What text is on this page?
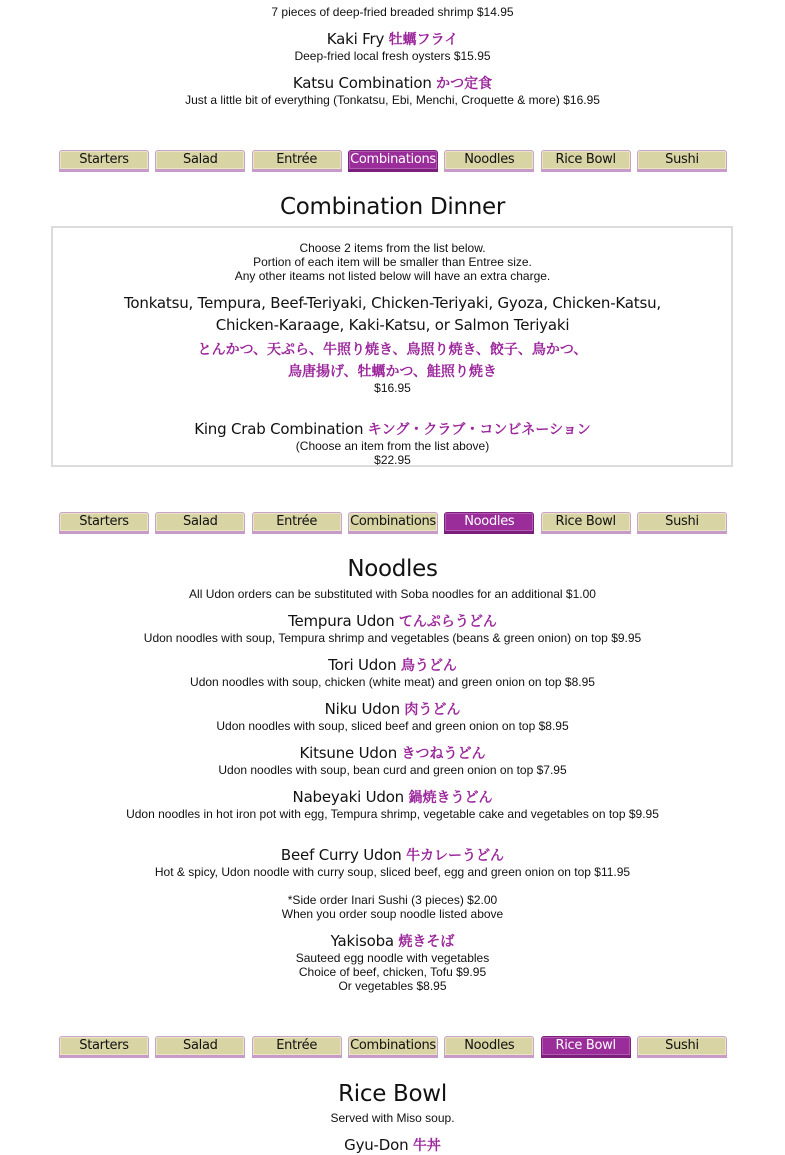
7 pieces of deep-fried breaded shrimp $14.95
Kaki Fry 牡蠣フライ
Deep-fried local fresh oysters $15.95
Katsu Combination かつ定食
Just a little bit of everything (Tonkatsu, Ebi, Menchi, Croquette & more) $16.95
Starters	Salad	Entrée	Combinations	Noodles	Rice Bowl	Sushi
Combination Dinner
Choose 2 items from the list below.
Portion of each item will be smaller than Entree size.
Any other iteams not listed below will have an extra charge.
Tonkatsu, Tempura, Beef-Teriyaki, Chicken-Teriyaki, Gyoza, Chicken-Katsu,
Chicken-Karaage, Kaki-Katsu, or Salmon Teriyaki
とんかつ、天ぷら、牛照り焼き、鳥照り焼き、餃子、鳥かつ、
鳥唐揚げ、牡蠣かつ、鮭照り焼き
$16.95
King Crab Combination キング・クラブ・コンビネーション
(Choose an item from the list above)
$22.95
Starters	Salad	Entrée	Combinations	Noodles	Rice Bowl	Sushi
Noodles
All Udon orders can be substituted with Soba noodles for an additional $1.00
Tempura Udon てんぷらうどん
Udon noodles with soup, Tempura shrimp and vegetables (beans & green onion) on top $9.95
Tori Udon 鳥うどん
Udon noodles with soup, chicken (white meat) and green onion on top $8.95
Niku Udon 肉うどん
Udon noodles with soup, sliced beef and green onion on top $8.95
Kitsune Udon きつねうどん
Udon noodles with soup, bean curd and green onion on top $7.95
Nabeyaki Udon 鍋焼きうどん
Udon noodles in hot iron pot with egg, Tempura shrimp, vegetable cake and vegetables on top $9.95
Beef Curry Udon 牛カレーうどん
Hot & spicy, Udon noodle with curry soup, sliced beef, egg and green onion on top $11.95
*Side order Inari Sushi (3 pieces) $2.00
When you order soup noodle listed above
Yakisoba 焼きそば
Sauteed egg noodle with vegetables
Choice of beef, chicken, Tofu $9.95
Or vegetables $8.95
Starters	Salad	Entrée	Combinations	Noodles	Rice Bowl	Sushi
Rice Bowl
Served with Miso soup.
Gyu-Don 牛丼
